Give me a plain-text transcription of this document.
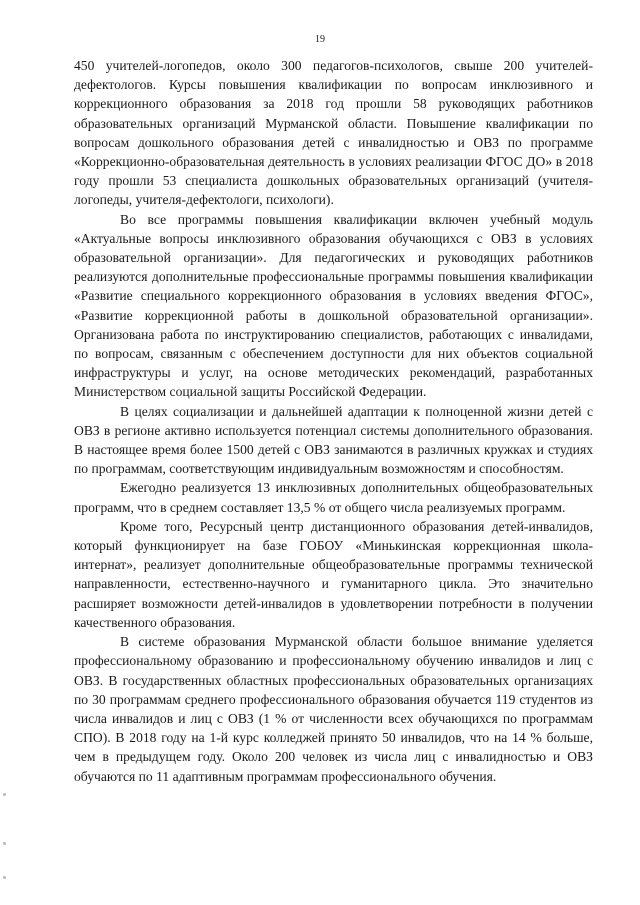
19

450 учителей-логопедов, около 300 педагогов-психологов, свыше 200 учителей-дефектологов. Курсы повышения квалификации по вопросам инклюзивного и коррекционного образования за 2018 год прошли 58 руководящих работников образовательных организаций Мурманской области. Повышение квалификации по вопросам дошкольного образования детей с инвалидностью и ОВЗ по программе «Коррекционно-образовательная деятельность в условиях реализации ФГОС ДО» в 2018 году прошли 53 специалиста дошкольных образовательных организаций (учителя-логопеды, учителя-дефектологи, психологи).

Во все программы повышения квалификации включен учебный модуль «Актуальные вопросы инклюзивного образования обучающихся с ОВЗ в условиях образовательной организации». Для педагогических и руководящих работников реализуются дополнительные профессиональные программы повышения квалификации «Развитие специального коррекционного образования в условиях введения ФГОС», «Развитие коррекционной работы в дошкольной образовательной организации». Организована работа по инструктированию специалистов, работающих с инвалидами, по вопросам, связанным с обеспечением доступности для них объектов социальной инфраструктуры и услуг, на основе методических рекомендаций, разработанных Министерством социальной защиты Российской Федерации.

В целях социализации и дальнейшей адаптации к полноценной жизни детей с ОВЗ в регионе активно используется потенциал системы дополнительного образования. В настоящее время более 1500 детей с ОВЗ занимаются в различных кружках и студиях по программам, соответствующим индивидуальным возможностям и способностям.

Ежегодно реализуется 13 инклюзивных дополнительных общеобразовательных программ, что в среднем составляет 13,5 % от общего числа реализуемых программ.

Кроме того, Ресурсный центр дистанционного образования детей-инвалидов, который функционирует на базе ГОБОУ «Минькинская коррекционная школа-интернат», реализует дополнительные общеобразовательные программы технической направленности, естественно-научного и гуманитарного цикла. Это значительно расширяет возможности детей-инвалидов в удовлетворении потребности в получении качественного образования.

В системе образования Мурманской области большое внимание уделяется профессиональному образованию и профессиональному обучению инвалидов и лиц с ОВЗ. В государственных областных профессиональных образовательных организациях по 30 программам среднего профессионального образования обучается 119 студентов из числа инвалидов и лиц с ОВЗ (1 % от численности всех обучающихся по программам СПО). В 2018 году на 1-й курс колледжей принято 50 инвалидов, что на 14 % больше, чем в предыдущем году. Около 200 человек из числа лиц с инвалидностью и ОВЗ обучаются по 11 адаптивным программам профессионального обучения.
